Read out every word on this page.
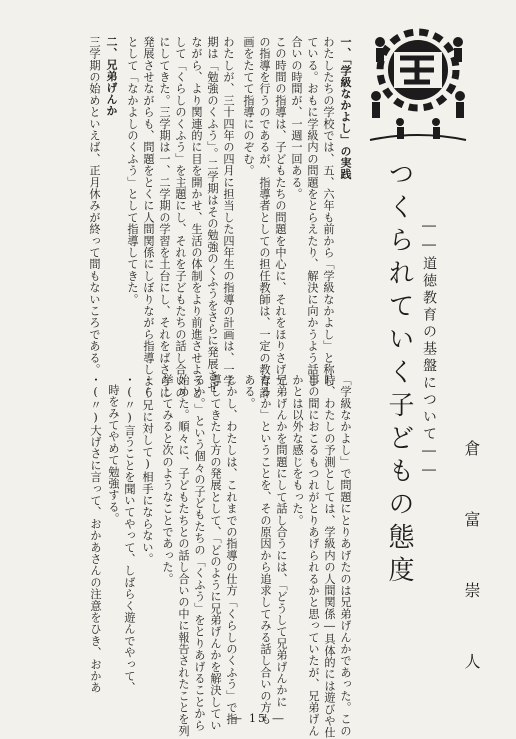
つくられていく子どもの態度 ――道徳教育の基盤について――
倉 富 崇 人
一、「学級なかよし」の実践
わたしたちの学校では、五、六年も前から「学級なかよし」と称し
ている。おもに学級内の問題をとらえたり、解決に向かうよう話し
合いの時間が、一週一回ある。
この時間の指導は、子どもたちの問題を中心に、それをほりさげて
の指導を行うのであるが、指導者としての担任教師は、一定の教育計
画をたてて指導にのぞむ。
わたしが、三十四年の四月に担当した四年生の指導の計画は、一学
期は「勉強のくふう」。二学期はその勉強のくふうをさらに発展させ
ながら、より関連的に目を開かせ、生活の体制をより前進させようと
して「くらしのくふう」を主題にし、それを子どもたちの話し合いの
にしてきた。三学期は一、二学期の学習を土台にし、それをばさらに
発展させながらも、問題をとくに人間関係にしぼりながら指導しよう
として「なかよしのくふう」として指導してきた。
二、兄弟げんか
三学期の始めといえば、正月休みが終って間もないころである。
「学級なかよし」で問題にとりあげたのは兄弟げんかであった。この
時、わたしの予測としては、学級内の人間関係―具体的には遊びや仕
事の間におこるもつれがとりあげられるかと思っていたが、兄弟げん
かとは以外な感じをもった。
兄弟げんかを問題にして話し合うには、「どうして兄弟げんかに
なるか」ということを、その原因から追求してみる話し合いの方も
ある。
しかし、わたしは、これまでの指導の仕方「くらしのくふう」で指
導してきたし方の発展として、「どのように兄弟げんかを解決してい
るか。」という個々の子どもたちの「くふう」をとりあげることから
始めた。順々に、子どもたちとの話し合いの中に報告されたことを列
挙してみると次のようなことであった。
・(兄に対して)相手にならない。
・(〃)言うことを聞いてやって、しばらく遊んでやって、
時をみてやめて勉強する。
・(〃)大げさに言って、おかあさんの注意をひき、おかあ
― 15 ―
